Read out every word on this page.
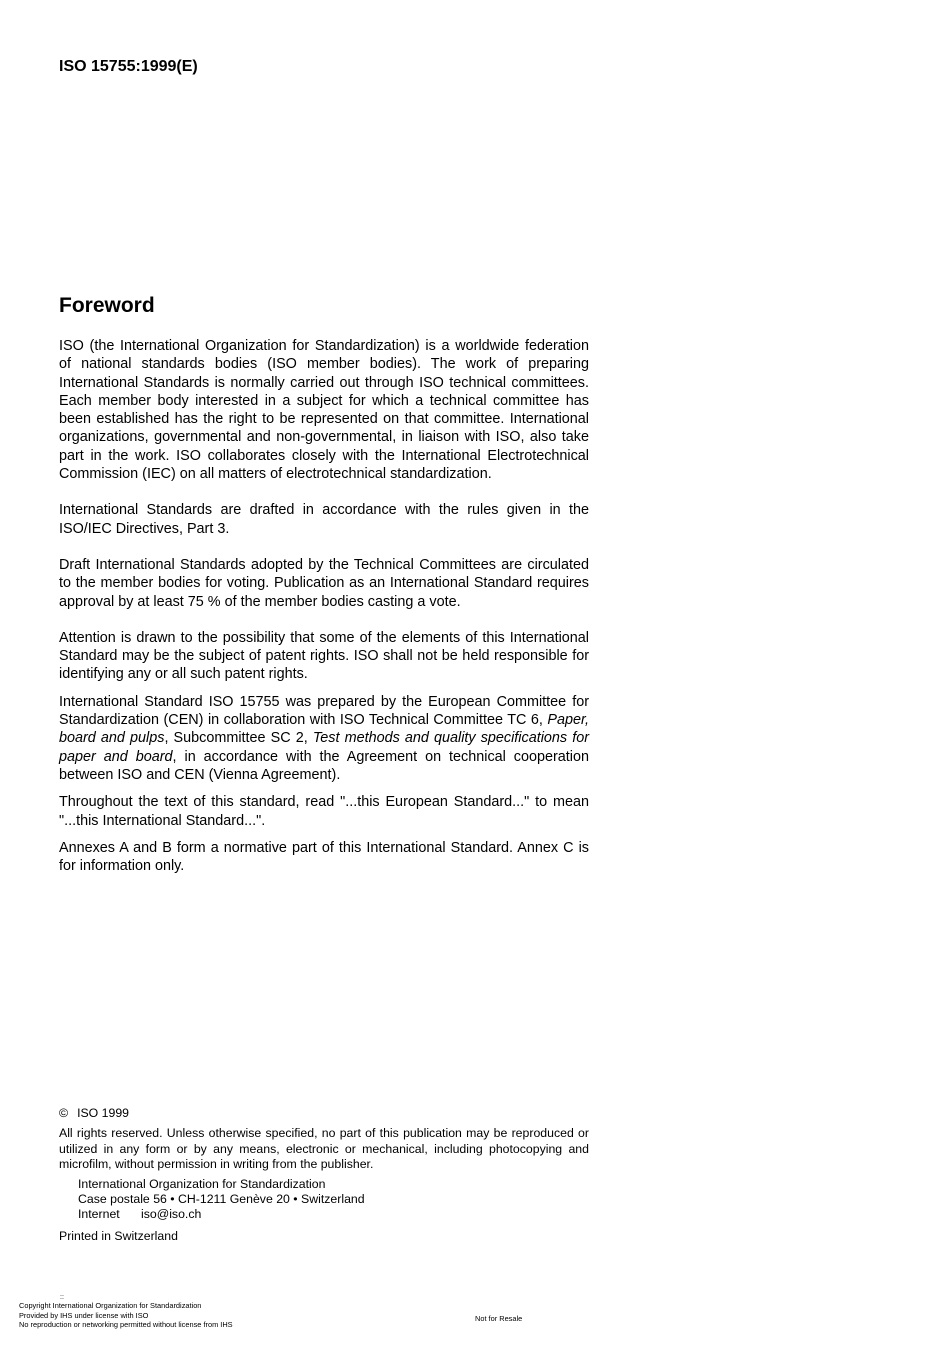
ISO 15755:1999(E)
Foreword

ISO (the International Organization for Standardization) is a worldwide federation of national standards bodies (ISO member bodies). The work of preparing International Standards is normally carried out through ISO technical committees. Each member body interested in a subject for which a technical committee has been established has the right to be represented on that committee. International organizations, governmental and non-governmental, in liaison with ISO, also take part in the work. ISO collaborates closely with the International Electrotechnical Commission (IEC) on all matters of electrotechnical standardization.

International Standards are drafted in accordance with the rules given in the ISO/IEC Directives, Part 3.

Draft International Standards adopted by the Technical Committees are circulated to the member bodies for voting. Publication as an International Standard requires approval by at least 75 % of the member bodies casting a vote.

Attention is drawn to the possibility that some of the elements of this International Standard may be the subject of patent rights. ISO shall not be held responsible for identifying any or all such patent rights.

International Standard ISO 15755 was prepared by the European Committee for Standardization (CEN) in collaboration with ISO Technical Committee TC 6, Paper, board and pulps, Subcommittee SC 2, Test methods and quality specifications for paper and board, in accordance with the Agreement on technical cooperation between ISO and CEN (Vienna Agreement).

Throughout the text of this standard, read "...this European Standard..." to mean "...this International Standard...".

Annexes A and B form a normative part of this International Standard. Annex C is for information only.

© ISO 1999

All rights reserved. Unless otherwise specified, no part of this publication may be reproduced or utilized in any form or by any means, electronic or mechanical, including photocopying and microfilm, without permission in writing from the publisher.

International Organization for Standardization
Case postale 56 • CH-1211 Genève 20 • Switzerland
Internet iso@iso.ch

Printed in Switzerland

::
Copyright International Organization for Standardization
Provided by IHS under license with ISO
No reproduction or networking permitted without license from IHS
Not for Resale
